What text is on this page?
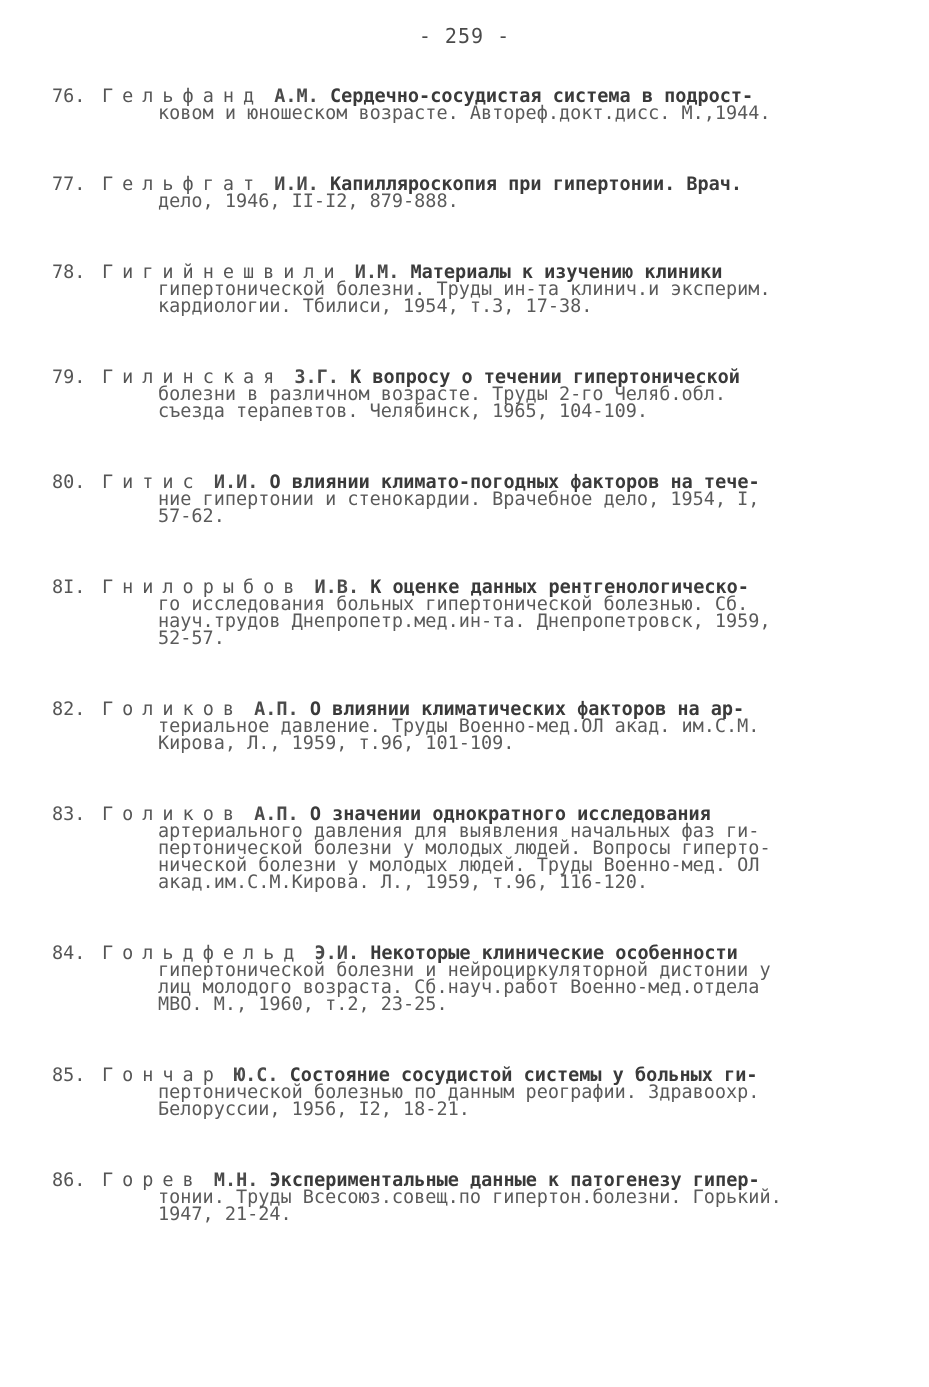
- 259 -
76. Гельфанд А.М. Сердечно-сосудистая система в подрост-
ковом и юношеском возрасте. Автореф.докт.дисс. М.,1944.
77. Гельфгат И.И. Капилляроскопия при гипертонии. Врач.
дело, 1946, II-I2, 879-888.
78. Гигийнешвили И.М. Материалы к изучению клиники
гипертонической болезни. Труды ин-та клинич.и эксперим.
кардиологии. Тбилиси, 1954, т.3, 17-38.
79. Гилинская З.Г. К вопросу о течении гипертонической
болезни в различном возрасте. Труды 2-го Челяб.обл.
съезда терапевтов. Челябинск, 1965, 104-109.
80. Гитис И.И. О влиянии климато-погодных факторов на тече-
ние гипертонии и стенокардии. Врачебное дело, 1954, I,
57-62.
8I. Гнилорыбов И.В. К оценке данных рентгенологическо-
го исследования больных гипертонической болезнью. Сб.
науч.трудов Днепропетр.мед.ин-та. Днепропетровск, 1959,
52-57.
82. Голиков А.П. О влиянии климатических факторов на ар-
териальное давление. Труды Военно-мед.ОЛ акад. им.С.М.
Кирова, Л., 1959, т.96, 101-109.
83. Голиков А.П. О значении однократного исследования
артериального давления для выявления начальных фаз ги-
пертонической болезни у молодых людей. Вопросы гиперто-
нической болезни у молодых людей. Труды Военно-мед. ОЛ
акад.им.С.М.Кирова. Л., 1959, т.96, 116-120.
84. Гольдфельд Э.И. Некоторые клинические особенности
гипертонической болезни и нейроциркуляторной дистонии у
лиц молодого возраста. Сб.науч.работ Военно-мед.отдела
МВО. М., 1960, т.2, 23-25.
85. Гончар Ю.С. Состояние сосудистой системы у больных ги-
пертонической болезнью по данным реографии. Здравоохр.
Белоруссии, 1956, I2, 18-21.
86. Горев М.Н. Экспериментальные данные к патогенезу гипер-
тонии. Труды Всесоюз.совещ.по гипертон.болезни. Горький.
1947, 21-24.
